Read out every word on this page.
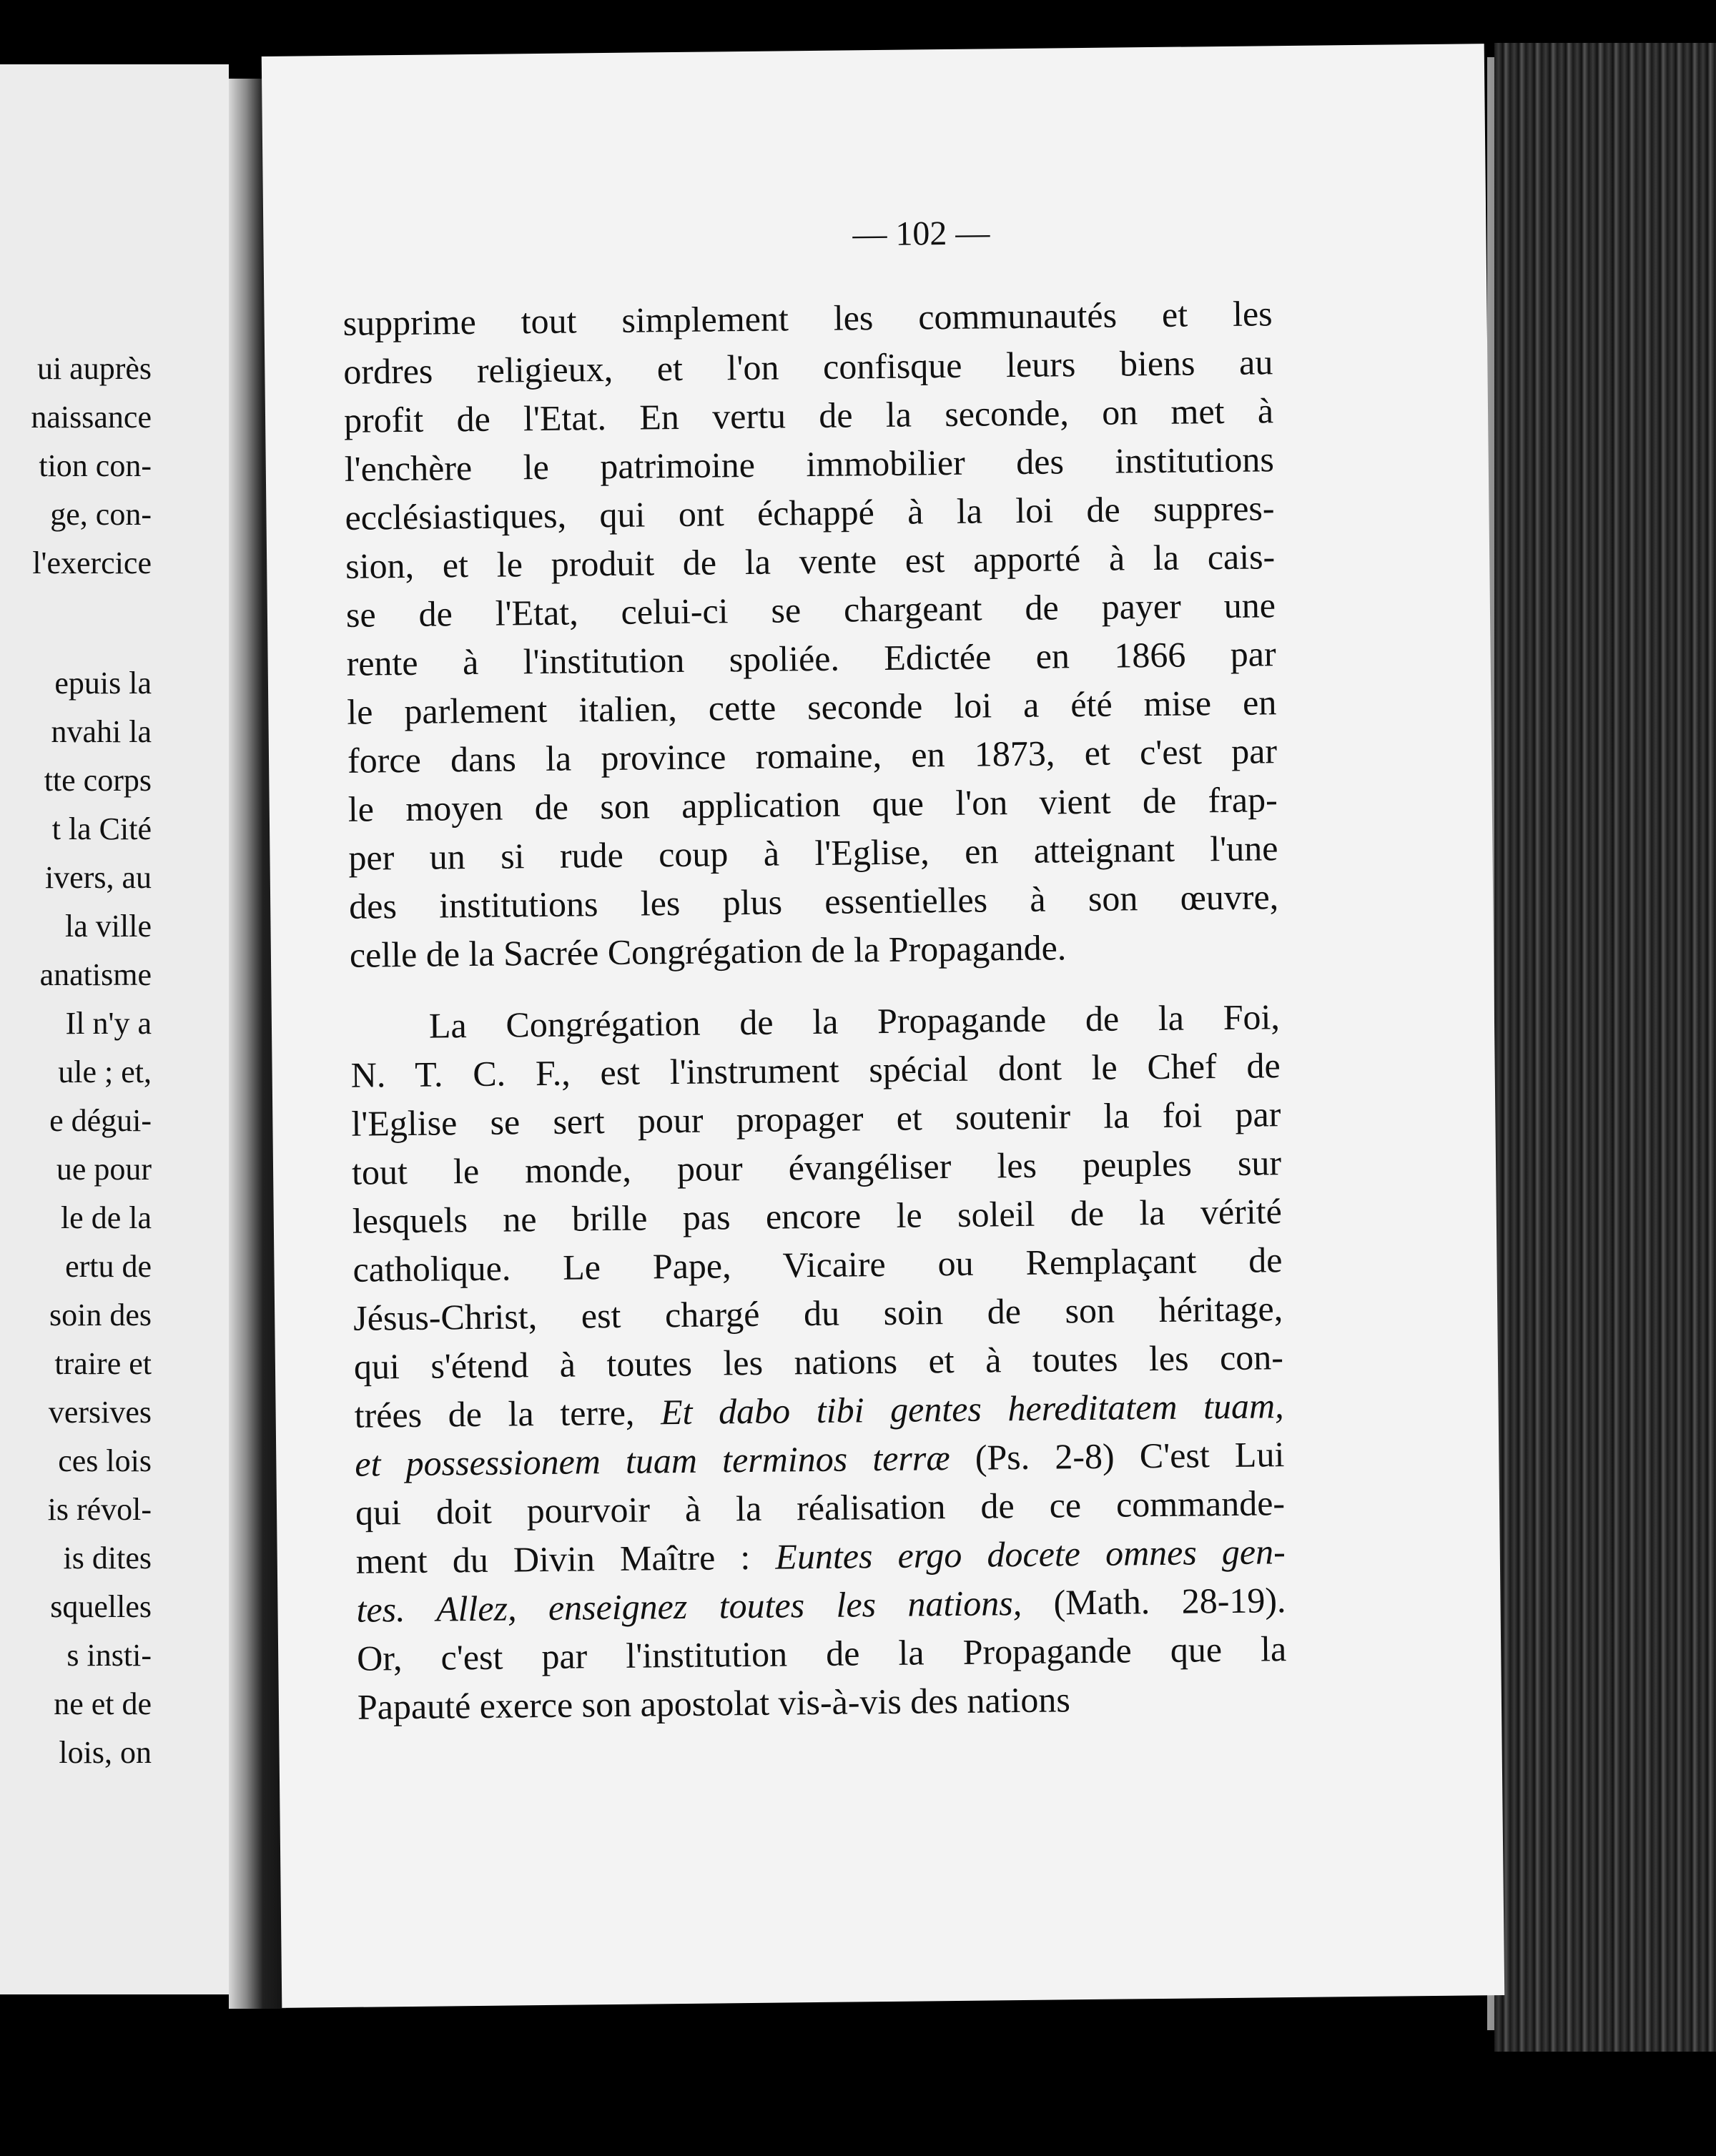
ui auprès
naissance
tion con-
ge, con-
l'exercice
epuis la
nvahi la
tte corps
t la Cité
ivers, au
la ville
anatisme
Il n'y a
ule ; et,
e dégui-
ue pour
le de la
ertu de
soin des
traire et
versives
ces lois
is révol-
is dites
squelles
s insti-
ne et de
lois, on
— 102 —
supprime tout simplement les communautés et les
ordres religieux, et l'on confisque leurs biens au
profit de l'Etat. En vertu de la seconde, on met à
l'enchère le patrimoine immobilier des institutions
ecclésiastiques, qui ont échappé à la loi de suppres-
sion, et le produit de la vente est apporté à la cais-
se de l'Etat, celui-ci se chargeant de payer une
rente à l'institution spoliée. Edictée en 1866 par
le parlement italien, cette seconde loi a été mise en
force dans la province romaine, en 1873, et c'est par
le moyen de son application que l'on vient de frap-
per un si rude coup à l'Eglise, en atteignant l'une
des institutions les plus essentielles à son œuvre,
celle de la Sacrée Congrégation de la Propagande.
La Congrégation de la Propagande de la Foi,
N. T. C. F., est l'instrument spécial dont le Chef de
l'Eglise se sert pour propager et soutenir la foi par
tout le monde, pour évangéliser les peuples sur
lesquels ne brille pas encore le soleil de la vérité
catholique. Le Pape, Vicaire ou Remplaçant de
Jésus-Christ, est chargé du soin de son héritage,
qui s'étend à toutes les nations et à toutes les con-
trées de la terre, Et dabo tibi gentes hereditatem tuam,
et possessionem tuam terminos terræ (Ps. 2-8) C'est Lui
qui doit pourvoir à la réalisation de ce commande-
ment du Divin Maître : Euntes ergo docete omnes gen-
tes. Allez, enseignez toutes les nations, (Math. 28-19).
Or, c'est par l'institution de la Propagande que la
Papauté exerce son apostolat vis-à-vis des nations
